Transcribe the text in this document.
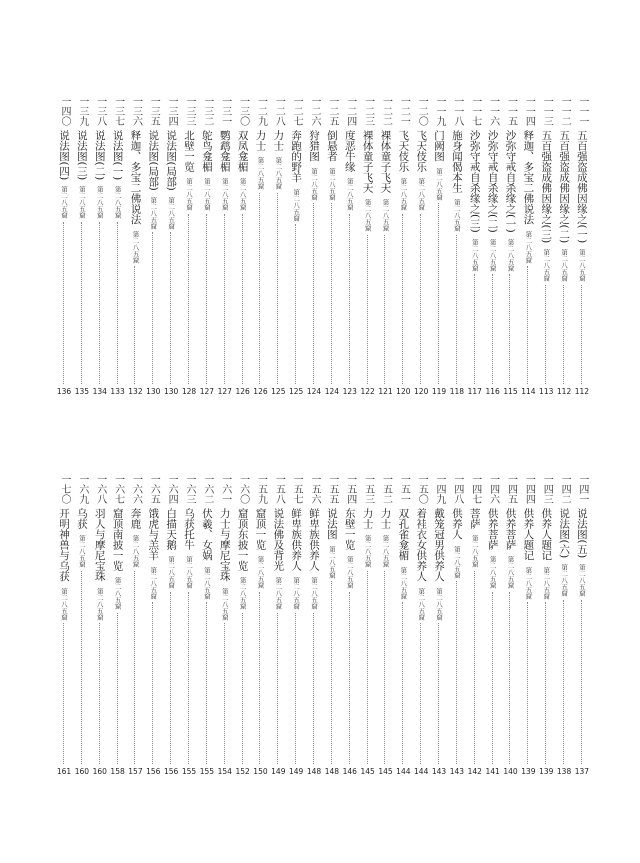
一一一
五百强盗成佛因缘之(一)
第二八五窟
112
一一二
五百强盗成佛因缘之(二)
第二八五窟
112
一一三
五百强盗成佛因缘之(三)
第二八五窟
113
一一四
释迦、多宝二佛说法
第二八五窟
114
一一五
沙弥守戒自杀缘之(一)
第二八五窟
115
一一六
沙弥守戒自杀缘之(二)
第二八五窟
116
一一七
沙弥守戒自杀缘之(三)
第二八五窟
117
一一八
施身闻偈本生
第二八五窟
118
一一九
门阙图
第二八五窟
119
一二〇
飞天伎乐
第二八五窟
120
一二一
飞天伎乐
第二八五窟
120
一二二
裸体童子飞天
第二八五窟
121
一二三
裸体童子飞天
第二八五窟
122
一二四
度恶牛缘
第二八五窟
123
一二五
倒悬者
第二八五窟
124
一二六
狩猎图
第二八五窟
124
一二七
奔跑的野羊
第二八五窟
125
一二八
力士
第二八五窟
125
一二九
力士
第二八五窟
126
一三〇
双凤龛楣
第二八五窟
126
一三一
鹦鹉龛楣
第二八五窟
127
一三二
鸵鸟龛楣
第二八五窟
127
一三三
北壁一览
第二八五窟
128
一三四
说法图(局部)
第二八五窟
130
一三五
说法图(局部)
第二八五窟
130
一三六
释迦、多宝二佛说法
第二八五窟
132
一三七
说法图(一)
第二八五窟
133
一三八
说法图(二)
第二八五窟
134
一三九
说法图(三)
第二八五窟
135
一四〇
说法图(四)
第二八五窟
136
一四一
说法图(五)
第二八五窟
137
一四二
说法图(六)
第二八五窟
138
一四三
供养人题记
第二八五窟
139
一四四
供养人题记
第二八五窟
139
一四五
供养菩萨
第二八五窟
140
一四六
供养菩萨
第二八五窟
141
一四七
菩萨
第二八五窟
142
一四八
供养人
第二八五窟
143
一四九
戴笼冠男供养人
第二八五窟
143
一五〇
着袿衣女供养人
第二八五窟
144
一五一
双孔雀龛楣
第二八五窟
144
一五二
力士
第二八五窟
145
一五三
力士
第二八五窟
145
一五四
东壁一览
第二八五窟
146
一五五
说法图
第二八五窟
148
一五六
鲜卑族供养人
第二八五窟
148
一五七
鲜卑族供养人
第二八五窟
149
一五八
说法佛及背光
第二八五窟
149
一五九
窟顶一览
第二八五窟
150
一六〇
窟顶东披一览
第二八五窟
152
一六一
力士与摩尼宝珠
第二八五窟
154
一六二
伏羲、女娲
第二八五窟
155
一六三
乌获托牛
第二八五窟
155
一六四
白描天鹅
第二八五窟
156
一六五
饿虎与羔羊
第二八五窟
156
一六六
奔鹿
第二八五窟
157
一六七
窟顶南披一览
第二八五窟
158
一六八
羽人与摩尼宝珠
第二八五窟
160
一六九
乌获
第二八五窟
160
一七〇
开明神兽与乌获
第二八五窟
161
